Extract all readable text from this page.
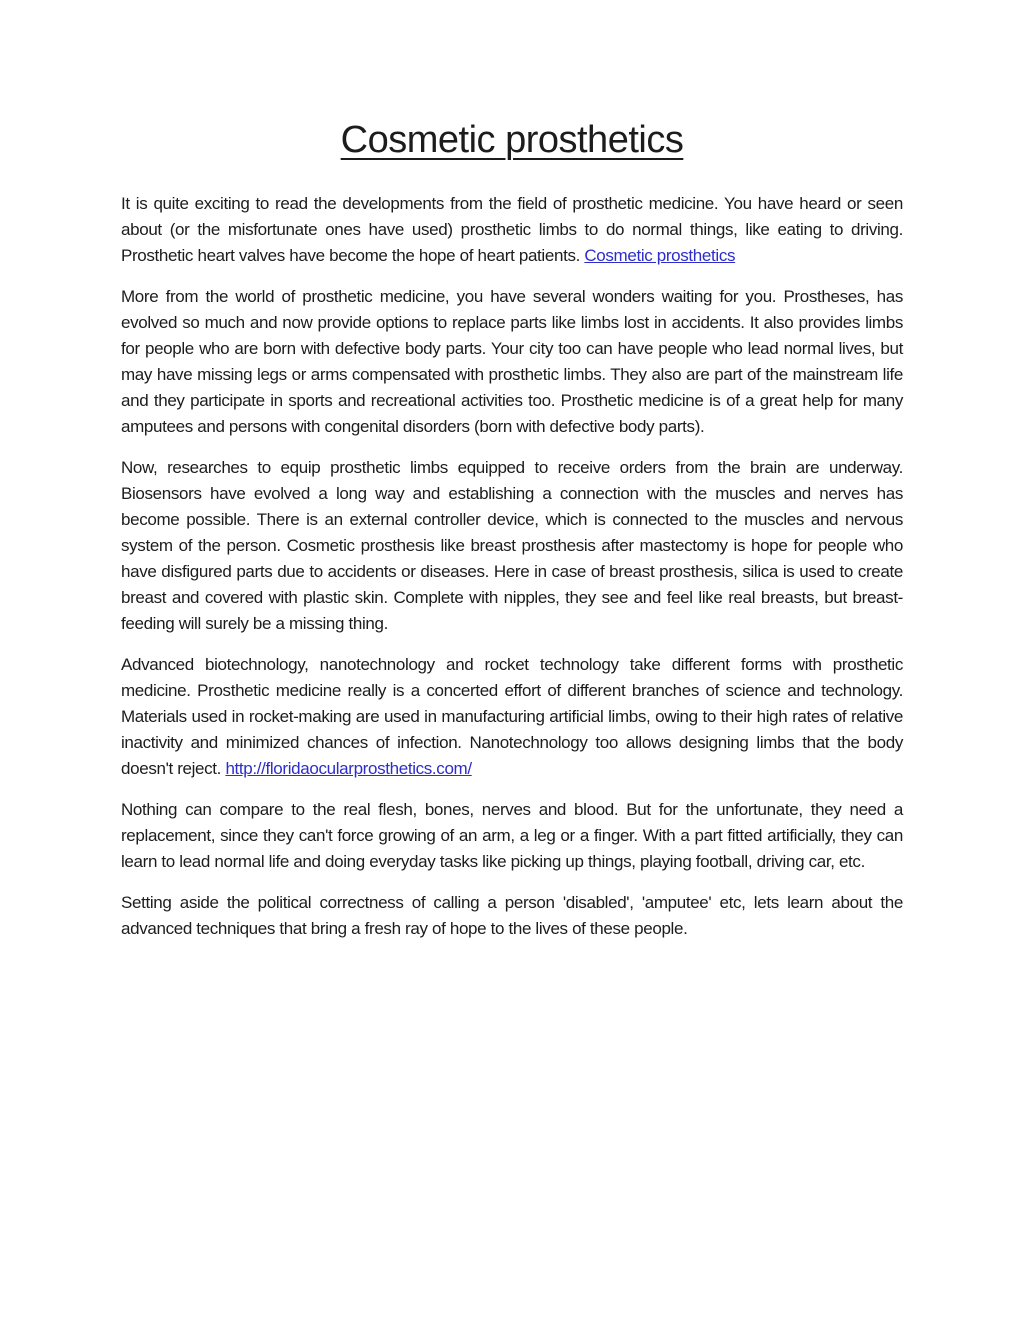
Cosmetic prosthetics

It is quite exciting to read the developments from the field of prosthetic medicine. You have heard or seen about (or the misfortunate ones have used) prosthetic limbs to do normal things, like eating to driving. Prosthetic heart valves have become the hope of heart patients. Cosmetic prosthetics

More from the world of prosthetic medicine, you have several wonders waiting for you. Prostheses, has evolved so much and now provide options to replace parts like limbs lost in accidents. It also provides limbs for people who are born with defective body parts. Your city too can have people who lead normal lives, but may have missing legs or arms compensated with prosthetic limbs. They also are part of the mainstream life and they participate in sports and recreational activities too. Prosthetic medicine is of a great help for many amputees and persons with congenital disorders (born with defective body parts).

Now, researches to equip prosthetic limbs equipped to receive orders from the brain are underway. Biosensors have evolved a long way and establishing a connection with the muscles and nerves has become possible. There is an external controller device, which is connected to the muscles and nervous system of the person. Cosmetic prosthesis like breast prosthesis after mastectomy is hope for people who have disfigured parts due to accidents or diseases. Here in case of breast prosthesis, silica is used to create breast and covered with plastic skin. Complete with nipples, they see and feel like real breasts, but breast-feeding will surely be a missing thing.

Advanced biotechnology, nanotechnology and rocket technology take different forms with prosthetic medicine. Prosthetic medicine really is a concerted effort of different branches of science and technology. Materials used in rocket-making are used in manufacturing artificial limbs, owing to their high rates of relative inactivity and minimized chances of infection. Nanotechnology too allows designing limbs that the body doesn't reject. http://floridaocularprosthetics.com/

Nothing can compare to the real flesh, bones, nerves and blood. But for the unfortunate, they need a replacement, since they can't force growing of an arm, a leg or a finger. With a part fitted artificially, they can learn to lead normal life and doing everyday tasks like picking up things, playing football, driving car, etc.

Setting aside the political correctness of calling a person 'disabled', 'amputee' etc, lets learn about the advanced techniques that bring a fresh ray of hope to the lives of these people.
